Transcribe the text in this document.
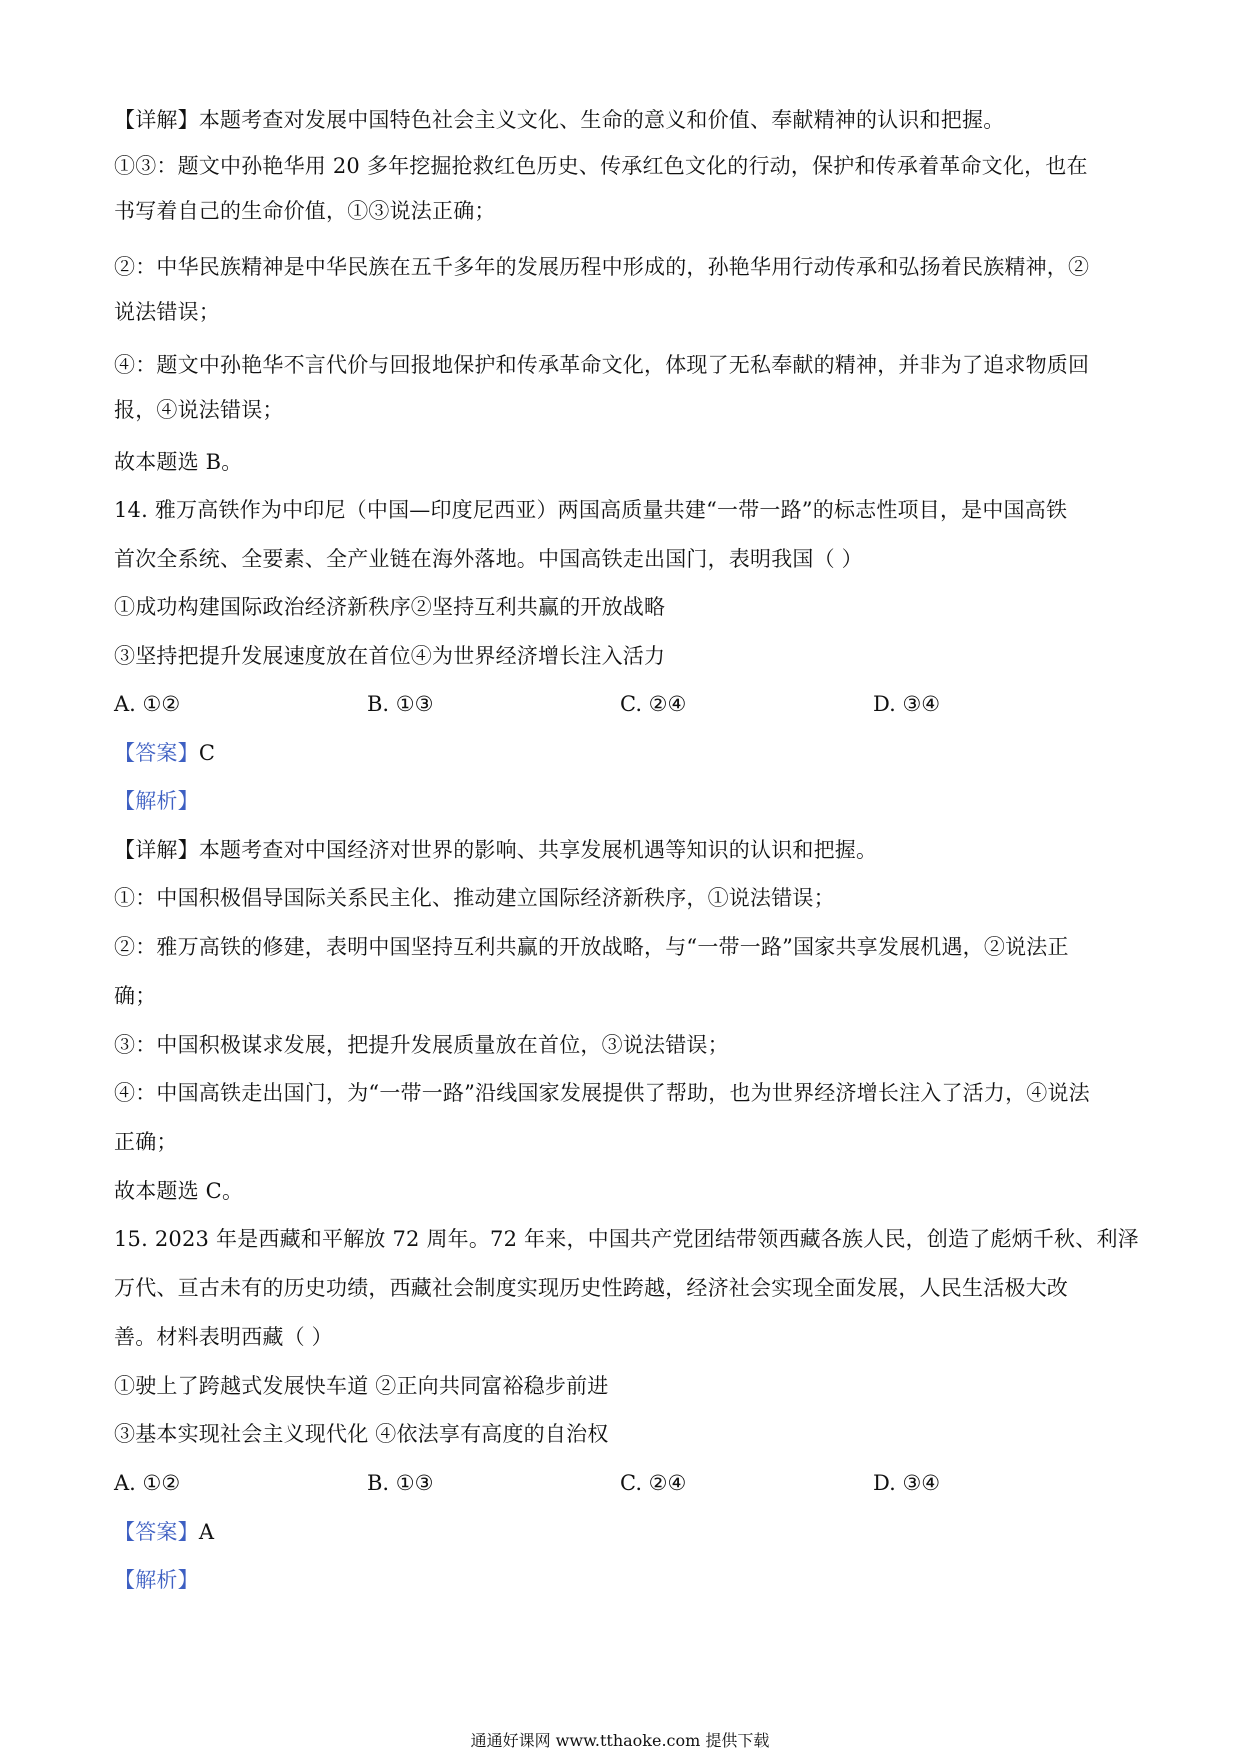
【详解】本题考查对发展中国特色社会主义文化、生命的意义和价值、奉献精神的认识和把握。
①③：题文中孙艳华用 20 多年挖掘抢救红色历史、传承红色文化的行动，保护和传承着革命文化，也在
书写着自己的生命价值，①③说法正确；
②：中华民族精神是中华民族在五千多年的发展历程中形成的，孙艳华用行动传承和弘扬着民族精神，②
说法错误；
④：题文中孙艳华不言代价与回报地保护和传承革命文化，体现了无私奉献的精神，并非为了追求物质回
报，④说法错误；
故本题选 B。
14. 雅万高铁作为中印尼（中国—印度尼西亚）两国高质量共建“一带一路”的标志性项目，是中国高铁
首次全系统、全要素、全产业链在海外落地。中国高铁走出国门，表明我国（ ）
①成功构建国际政治经济新秩序②坚持互利共赢的开放战略
③坚持把提升发展速度放在首位④为世界经济增长注入活力
A. ①②	B. ①③	C. ②④	D. ③④
【答案】C
【解析】
【详解】本题考查对中国经济对世界的影响、共享发展机遇等知识的认识和把握。
①：中国积极倡导国际关系民主化、推动建立国际经济新秩序，①说法错误；
②：雅万高铁的修建，表明中国坚持互利共赢的开放战略，与“一带一路”国家共享发展机遇，②说法正
确；
③：中国积极谋求发展，把提升发展质量放在首位，③说法错误；
④：中国高铁走出国门，为“一带一路”沿线国家发展提供了帮助，也为世界经济增长注入了活力，④说法
正确；
故本题选 C。
15. 2023 年是西藏和平解放 72 周年。72 年来，中国共产党团结带领西藏各族人民，创造了彪炳千秋、利泽
万代、亘古未有的历史功绩，西藏社会制度实现历史性跨越，经济社会实现全面发展，人民生活极大改
善。材料表明西藏（ ）
①驶上了跨越式发展快车道 ②正向共同富裕稳步前进
③基本实现社会主义现代化 ④依法享有高度的自治权
A. ①②	B. ①③	C. ②④	D. ③④
【答案】A
【解析】
通通好课网 www.tthaoke.com 提供下载
